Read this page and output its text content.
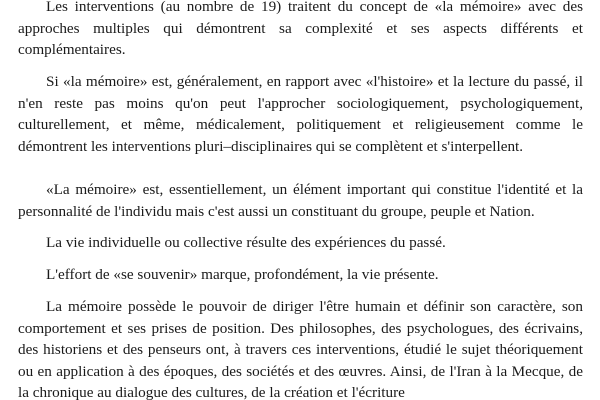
Les interventions (au nombre de 19) traitent du concept de «la mémoire» avec des approches multiples qui démontrent sa complexité et ses aspects différents et complémentaires.

Si «la mémoire» est, généralement, en rapport avec «l'histoire» et la lecture du passé, il n'en reste pas moins qu'on peut l'approcher sociologiquement, psychologiquement, culturellement, et même, médicalement, politiquement et religieusement comme le démontrent les interventions pluri–disciplinaires qui se complètent et s'interpellent.

«La mémoire» est, essentiellement, un élément important qui constitue l'identité et la personnalité de l'individu mais c'est aussi un constituant du groupe, peuple et Nation.

La vie individuelle ou collective résulte des expériences du passé.

L'effort de «se souvenir» marque, profondément, la vie présente.

La mémoire possède le pouvoir de diriger l'être humain et définir son caractère, son comportement et ses prises de position. Des philosophes, des psychologues, des écrivains, des historiens et des penseurs ont, à travers ces interventions, étudié le sujet théoriquement ou en application à des époques, des sociétés et des œuvres. Ainsi, de l'Iran à la Mecque, de la chronique au dialogue des cultures, de la création et l'écriture
